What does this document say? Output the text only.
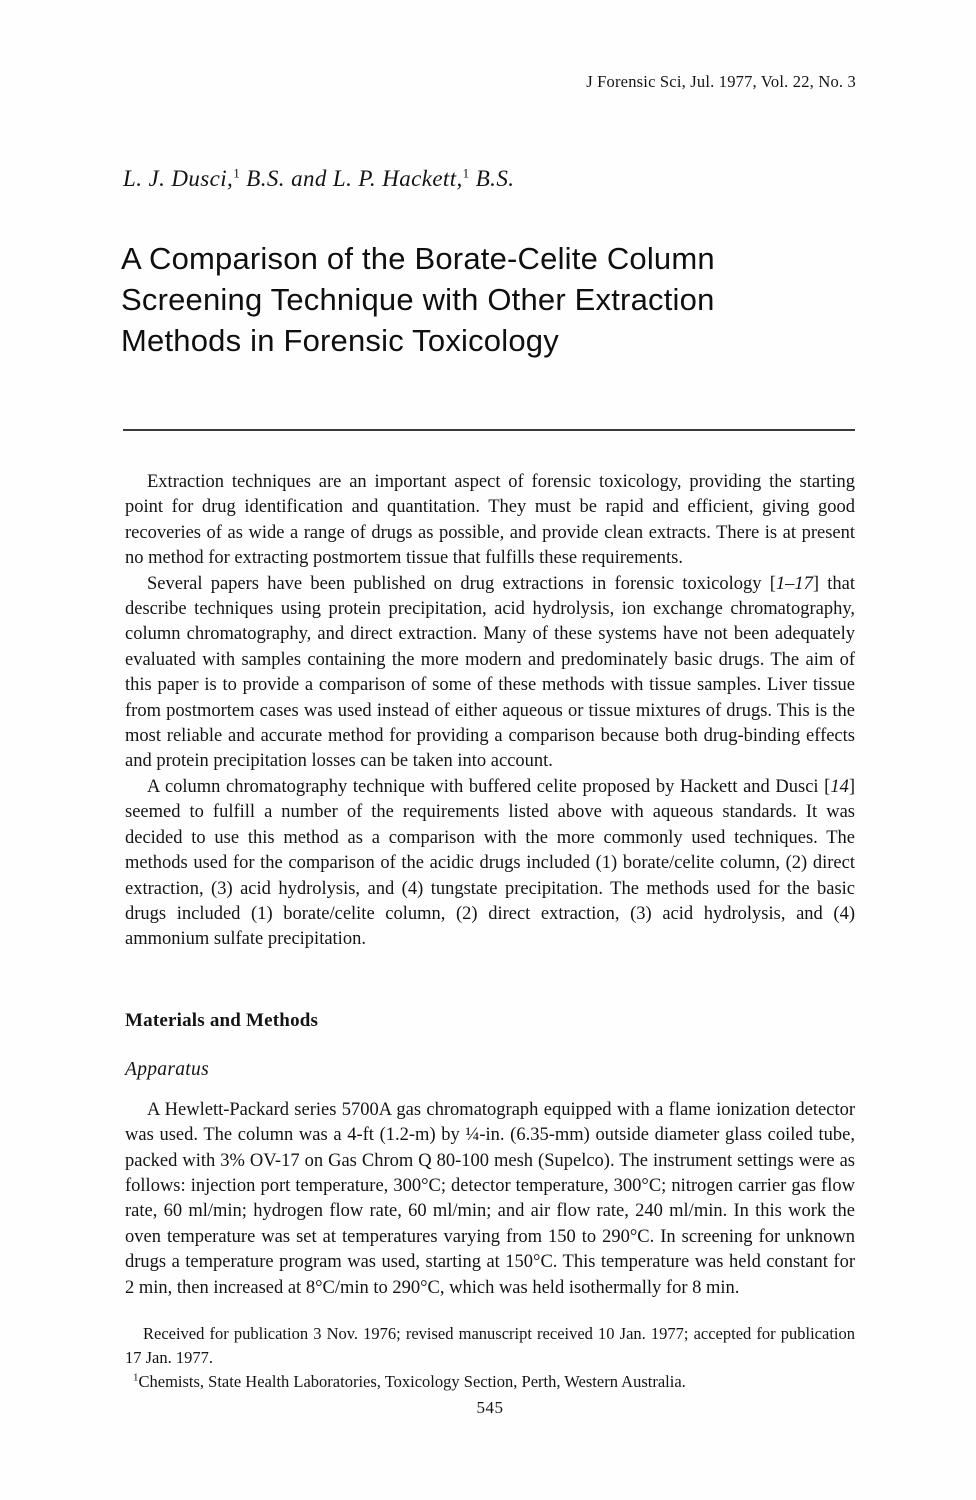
J Forensic Sci, Jul. 1977, Vol. 22, No. 3
L. J. Dusci,$^1$ B.S. and L. P. Hackett,$^1$ B.S.
A Comparison of the Borate-Celite Column
Screening Technique with Other Extraction
Methods in Forensic Toxicology

Extraction techniques are an important aspect of forensic toxicology, providing the starting point for drug identification and quantitation. They must be rapid and efficient, giving good recoveries of as wide a range of drugs as possible, and provide clean extracts. There is at present no method for extracting postmortem tissue that fulfills these requirements.

Several papers have been published on drug extractions in forensic toxicology [1–17] that describe techniques using protein precipitation, acid hydrolysis, ion exchange chromatography, column chromatography, and direct extraction. Many of these systems have not been adequately evaluated with samples containing the more modern and predominately basic drugs. The aim of this paper is to provide a comparison of some of these methods with tissue samples. Liver tissue from postmortem cases was used instead of either aqueous or tissue mixtures of drugs. This is the most reliable and accurate method for providing a comparison because both drug-binding effects and protein precipitation losses can be taken into account.

A column chromatography technique with buffered celite proposed by Hackett and Dusci [14] seemed to fulfill a number of the requirements listed above with aqueous standards. It was decided to use this method as a comparison with the more commonly used techniques. The methods used for the comparison of the acidic drugs included (1) borate/celite column, (2) direct extraction, (3) acid hydrolysis, and (4) tungstate precipitation. The methods used for the basic drugs included (1) borate/celite column, (2) direct extraction, (3) acid hydrolysis, and (4) ammonium sulfate precipitation.

Materials and Methods
Apparatus

A Hewlett-Packard series 5700A gas chromatograph equipped with a flame ionization detector was used. The column was a 4-ft (1.2-m) by ¼-in. (6.35-mm) outside diameter glass coiled tube, packed with 3% OV-17 on Gas Chrom Q 80-100 mesh (Supelco). The instrument settings were as follows: injection port temperature, 300°C; detector temperature, 300°C; nitrogen carrier gas flow rate, 60 ml/min; hydrogen flow rate, 60 ml/min; and air flow rate, 240 ml/min. In this work the oven temperature was set at temperatures varying from 150 to 290°C. In screening for unknown drugs a temperature program was used, starting at 150°C. This temperature was held constant for 2 min, then increased at 8°C/min to 290°C, which was held isothermally for 8 min.

Received for publication 3 Nov. 1976; revised manuscript received 10 Jan. 1977; accepted for publication 17 Jan. 1977.

$^1$Chemists, State Health Laboratories, Toxicology Section, Perth, Western Australia.

545
